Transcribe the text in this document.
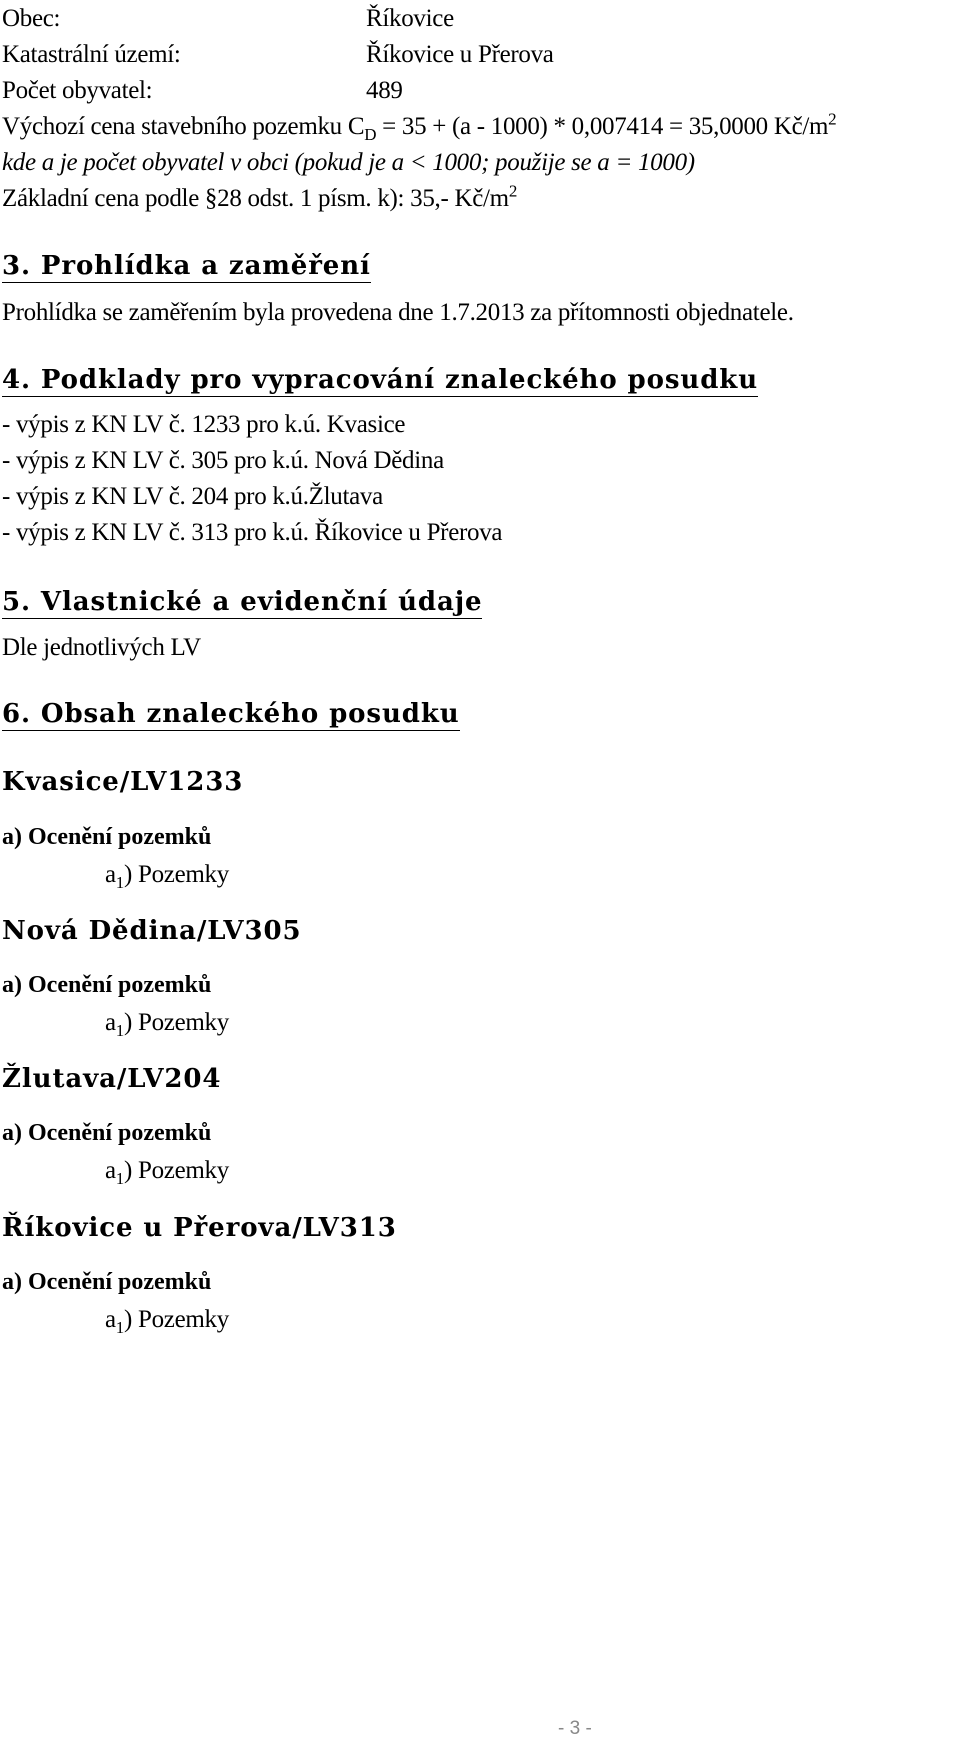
Obec:	Říkovice
Katastrální území:	Říkovice u Přerova
Počet obyvatel:	489
Výchozí cena stavebního pozemku $C_D = 35 + (a - 1000) * 0,007414 = 35,0000$ $Kč/m^2$
kde a je počet obyvatel v obci (pokud je a < 1000; použije se a = 1000)
Základní cena podle §28 odst. 1 písm. k): 35,- $Kč/m^2$
3. Prohlídka a zaměření
Prohlídka se zaměřením byla provedena dne 1.7.2013 za přítomnosti objednatele.
4. Podklady pro vypracování znaleckého posudku
- výpis z KN LV č. 1233 pro k.ú. Kvasice
- výpis z KN LV č. 305 pro k.ú. Nová Dědina
- výpis z KN LV č. 204 pro k.ú.Žlutava
- výpis z KN LV č. 313 pro k.ú. Říkovice u Přerova
5. Vlastnické a evidenční údaje
Dle jednotlivých LV
6. Obsah znaleckého posudku
Kvasice/LV1233
a) Ocenění pozemků
$a_1$) Pozemky
Nová Dědina/LV305
a) Ocenění pozemků
$a_1$) Pozemky
Žlutava/LV204
a) Ocenění pozemků
$a_1$) Pozemky
Říkovice u Přerova/LV313
a) Ocenění pozemků
$a_1$) Pozemky
- 3 -
